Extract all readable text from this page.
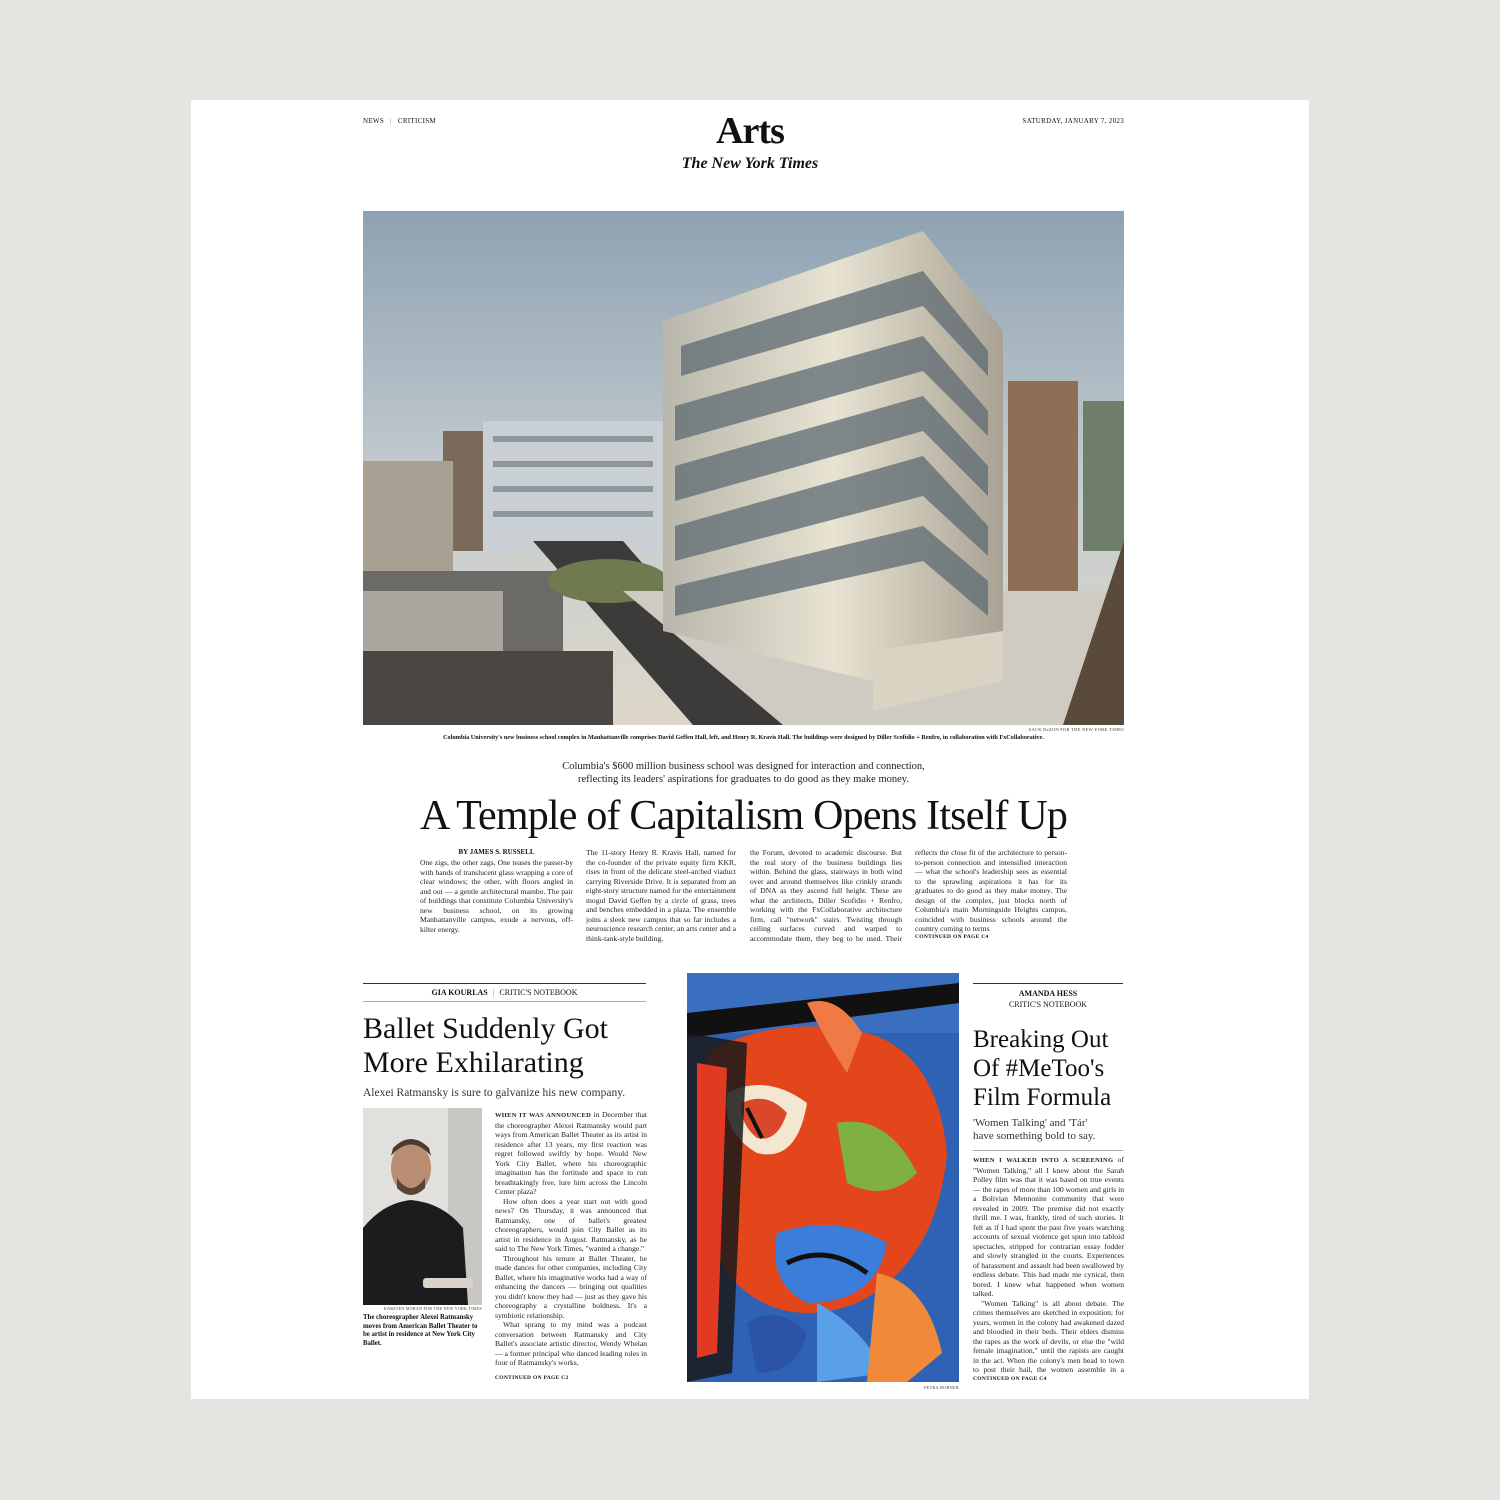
NEWS | CRITICISM	Arts
The New York Times
SATURDAY, JANUARY 7, 2023
ZACK DeZON FOR THE NEW YORK TIMES
Columbia University's new business school complex in Manhattanville comprises David Geffen Hall, left, and Henry R. Kravis Hall. The buildings were designed by Diller Scofidio + Renfro, in collaboration with FxCollaborative.
Columbia's $600 million business school was designed for interaction and connection,
reflecting its leaders' aspirations for graduates to do good as they make money.
A Temple of Capitalism Opens Itself Up
BY JAMES S. RUSSELL
One zigs, the other zags. One teases the passer-by with bands of translucent glass wrapping a core of clear windows; the other, with floors angled in and out — a gentle architectural mambo. The pair of buildings that constitute Columbia University's new business school, on its growing Manhattanville campus, exude a nervous, off-kilter energy.
The 11-story Henry R. Kravis Hall, named for the co-founder of the private equity firm KKR, rises in front of the delicate steel-arched viaduct carrying Riverside Drive. It is separated from an eight-story structure named for the entertainment mogul David Geffen by a circle of grass, trees and benches embedded in a plaza. The ensemble joins a sleek new campus that so far includes a neuroscience research center, an arts center and a think-tank-style building,
the Forum, devoted to academic discourse. But the real story of the business buildings lies within. Behind the glass, stairways in both wind over and around themselves like crinkly strands of DNA as they ascend full height. These are what the architects, Diller Scofidio + Renfro, working with the FxCollaborative architecture firm, call "network" stairs. Twisting through ceiling surfaces curved and warped to accommodate them, they beg to be used. Their
reflects the close fit of the architecture to person-to-person connection and intensified interaction — what the school's leadership sees as essential to the sprawling aspirations it has for its graduates to do good as they make money. The design of the complex, just blocks north of Columbia's main Morningside Heights campus, coincided with business schools around the country coming to terms
CONTINUED ON PAGE C4
GIA KOURLAS | CRITIC'S NOTEBOOK
Ballet Suddenly Got
More Exhilarating
Alexei Ratmansky is sure to galvanize his new company.
KARSTEN MORAN FOR THE NEW YORK TIMES
The choreographer Alexei Ratmansky moves from American Ballet Theater to be artist in residence at New York City Ballet.
WHEN IT WAS ANNOUNCED in December that the choreographer Alexei Ratmansky would part ways from American Ballet Theater as its artist in residence after 13 years, my first reaction was regret followed swiftly by hope. Would New York City Ballet, where his choreographic imagination has the fortitude and space to run breathtakingly free, lure him across the Lincoln Center plaza?
How often does a year start out with good news? On Thursday, it was announced that Ratmansky, one of ballet's greatest choreographers, would join City Ballet as its artist in residence in August. Ratmansky, as he said to The New York Times, "wanted a change."
Throughout his tenure at Ballet Theater, he made dances for other companies, including City Ballet, where his imaginative works had a way of enhancing the dancers — bringing out qualities you didn't know they had — just as they gave his choreography a crystalline boldness. It's a symbiotic relationship.
What sprang to my mind was a podcast conversation between Ratmansky and City Ballet's associate artistic director, Wendy Whelan — a former principal who danced leading roles in four of Ratmansky's works,
CONTINUED ON PAGE C2
PETRA BORNER
AMANDA HESS
CRITIC'S NOTEBOOK
Breaking Out
Of #MeToo's
Film Formula
'Women Talking' and 'Tár'
have something bold to say.
WHEN I WALKED INTO A SCREENING of "Women Talking," all I knew about the Sarah Polley film was that it was based on true events — the rapes of more than 100 women and girls in a Bolivian Mennonite community that were revealed in 2009. The premise did not exactly thrill me. I was, frankly, tired of such stories. It felt as if I had spent the past five years watching accounts of sexual violence get spun into tabloid spectacles, stripped for contrarian essay fodder and slowly strangled in the courts. Experiences of harassment and assault had been swallowed by endless debate. This had made me cynical, then bored. I knew what happened when women talked.
"Women Talking" is all about debate. The crimes themselves are sketched in exposition; for years, women in the colony had awakened dazed and bloodied in their beds. Their elders dismiss the rapes as the work of devils, or else the "wild female imagination," until the rapists are caught in the act. When the colony's men head to town to post their bail, the women assemble in a
CONTINUED ON PAGE C4
